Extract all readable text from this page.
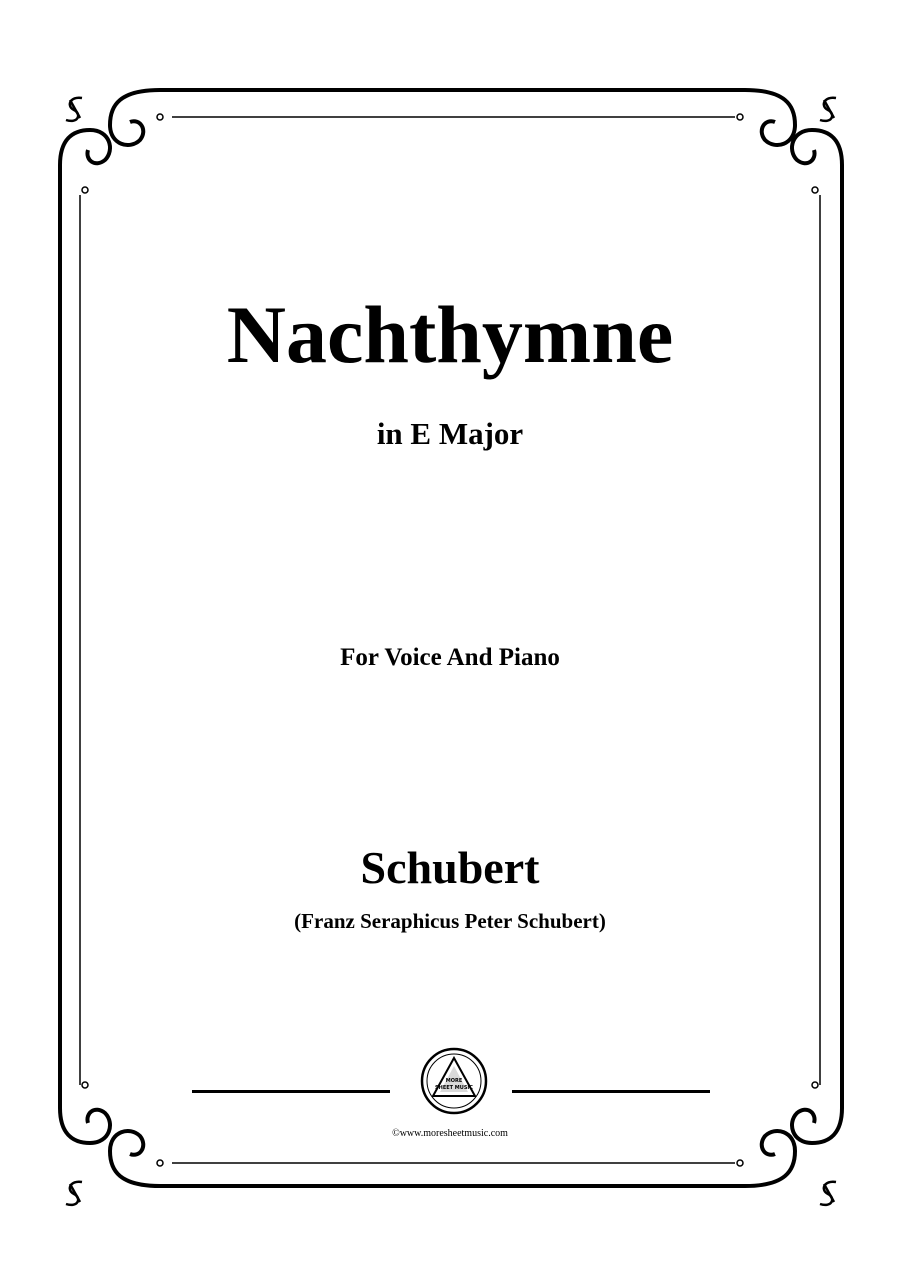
Nachthymne
in E Major
For Voice And Piano
Schubert
(Franz Seraphicus Peter Schubert)
MORE
SHEET MUSIC
©www.moresheetmusic.com
